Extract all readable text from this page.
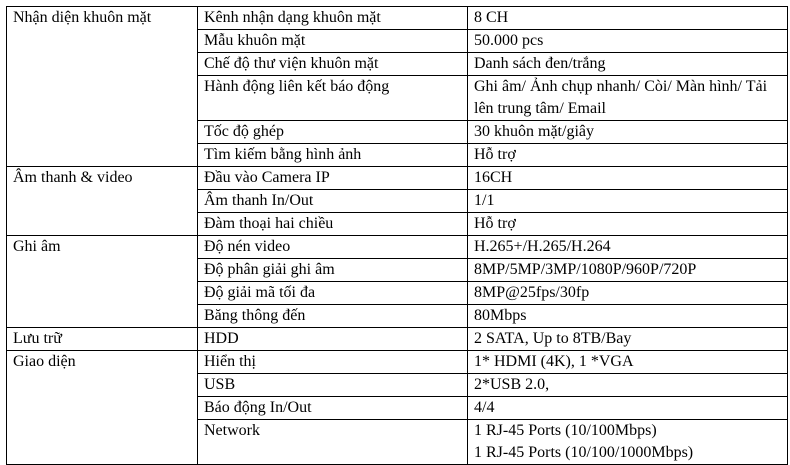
Nhận diện khuôn mặt	Kênh nhận dạng khuôn mặt	8 CH
	Mẫu khuôn mặt	50.000 pcs
	Chế độ thư viện khuôn mặt	Danh sách đen/trắng
	Hành động liên kết báo động	Ghi âm/ Ảnh chụp nhanh/ Còi/ Màn hình/ Tải lên trung tâm/ Email
	Tốc độ ghép	30 khuôn mặt/giây
	Tìm kiếm bằng hình ảnh	Hỗ trợ
Âm thanh & video	Đầu vào Camera IP	16CH
	Âm thanh In/Out	1/1
	Đàm thoại hai chiều	Hỗ trợ
Ghi âm	Độ nén video	H.265+/H.265/H.264
	Độ phân giải ghi âm	8MP/5MP/3MP/1080P/960P/720P
	Độ giải mã tối đa	8MP@25fps/30fp
	Băng thông đến	80Mbps
Lưu trữ	HDD	2 SATA, Up to 8TB/Bay
Giao diện	Hiển thị	1* HDMI (4K), 1 *VGA
	USB	2*USB 2.0,
	Báo động In/Out	4/4
	Network	1 RJ-45 Ports (10/100Mbps)
1 RJ-45 Ports (10/100/1000Mbps)
